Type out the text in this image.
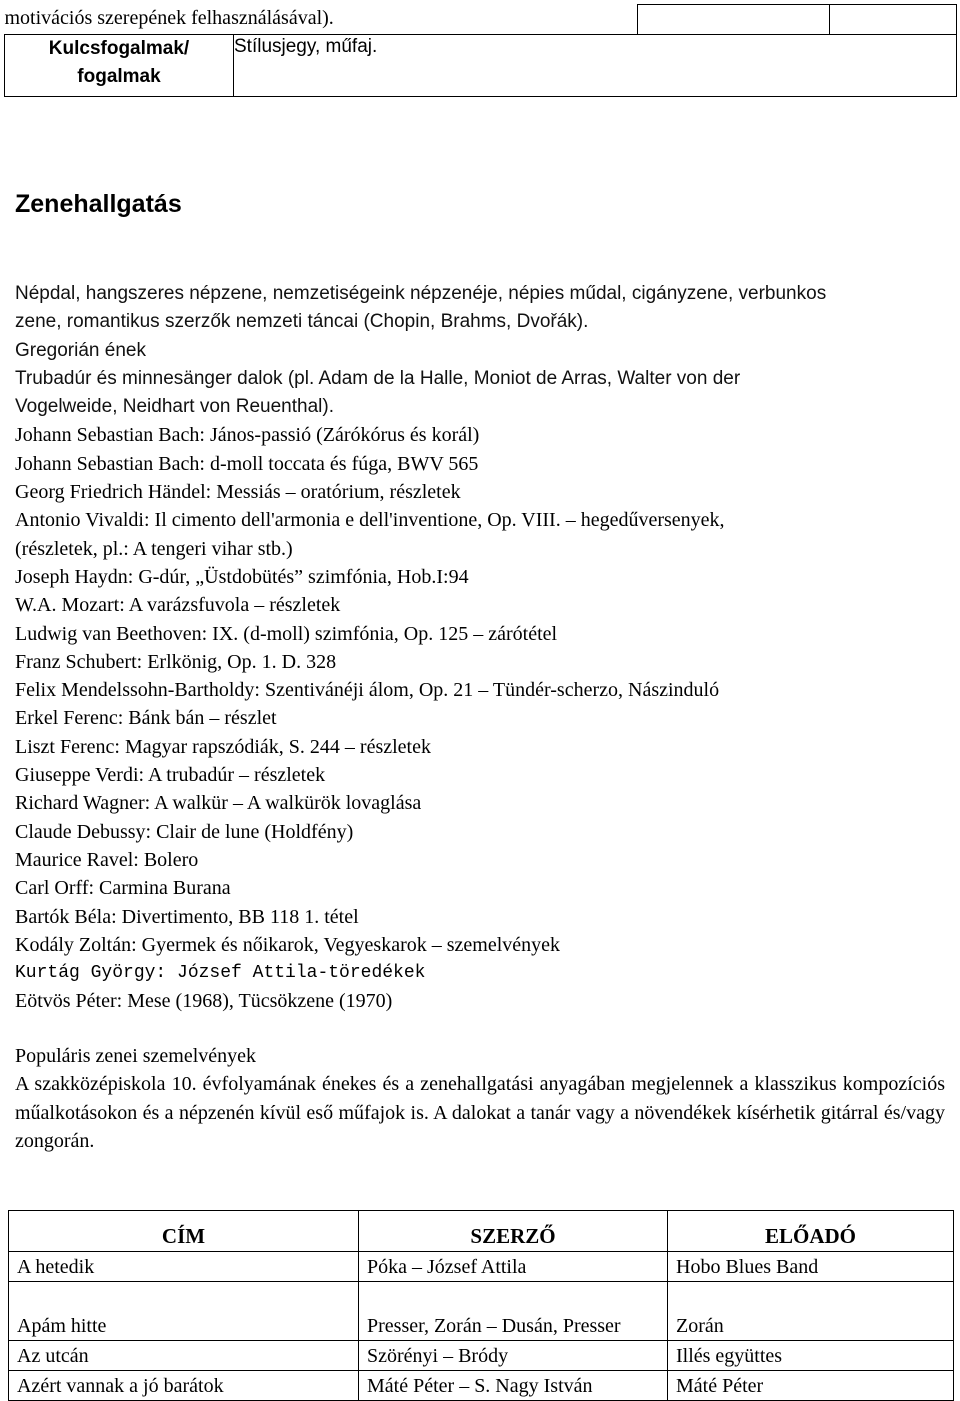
motivációs szerepének felhasználásával).			

Kulcsfogalmak/
fogalmak	Stílusjegy, műfaj.		
Zenehallgatás
Népdal, hangszeres népzene, nemzetiségeink népzenéje, népies műdal, cigányzene, verbunkos
zene, romantikus szerzők nemzeti táncai (Chopin, Brahms, Dvořák).
Gregorián ének
Trubadúr és minnesänger dalok (pl. Adam de la Halle, Moniot de Arras, Walter von der
Vogelweide, Neidhart von Reuenthal).
Johann Sebastian Bach: János-passió (Zárókórus és korál)
Johann Sebastian Bach: d-moll toccata és fúga, BWV 565
Georg Friedrich Händel: Messiás – oratórium, részletek
Antonio Vivaldi: Il cimento dell'armonia e dell'inventione, Op. VIII. – hegedűversenyek,
(részletek, pl.: A tengeri vihar stb.)
Joseph Haydn: G-dúr, „Üstdobütés” szimfónia, Hob.I:94
W.A. Mozart: A varázsfuvola – részletek
Ludwig van Beethoven: IX. (d-moll) szimfónia, Op. 125 – zárótétel
Franz Schubert: Erlkönig, Op. 1. D. 328
Felix Mendelssohn-Bartholdy: Szentivánéji álom, Op. 21 – Tündér-scherzo, Nászinduló
Erkel Ferenc: Bánk bán – részlet
Liszt Ferenc: Magyar rapszódiák, S. 244 – részletek
Giuseppe Verdi: A trubadúr – részletek
Richard Wagner: A walkür – A walkürök lovaglása
Claude Debussy: Clair de lune (Holdfény)
Maurice Ravel: Bolero
Carl Orff: Carmina Burana
Bartók Béla: Divertimento, BB 118 1. tétel
Kodály Zoltán: Gyermek és nőikarok, Vegyeskarok – szemelvények
Kurtág György: József Attila-töredékek
Eötvös Péter: Mese (1968), Tücsökzene (1970)
Populáris zenei szemelvények

A szakközépiskola 10. évfolyamának énekes és a zenehallgatási anyagában megjelennek a klasszikus kompozíciós műalkotásokon és a népzenén kívül eső műfajok is. A dalokat a tanár vagy a növendékek kísérhetik gitárral és/vagy zongorán.

CÍM	SZERZŐ	ELŐADÓ
A hetedik	Póka – József Attila	Hobo Blues Band
Apám hitte	Presser, Zorán – Dusán, Presser	Zorán
Az utcán	Szörényi – Bródy	Illés együttes
Azért vannak a jó barátok	Máté Péter – S. Nagy István	Máté Péter
